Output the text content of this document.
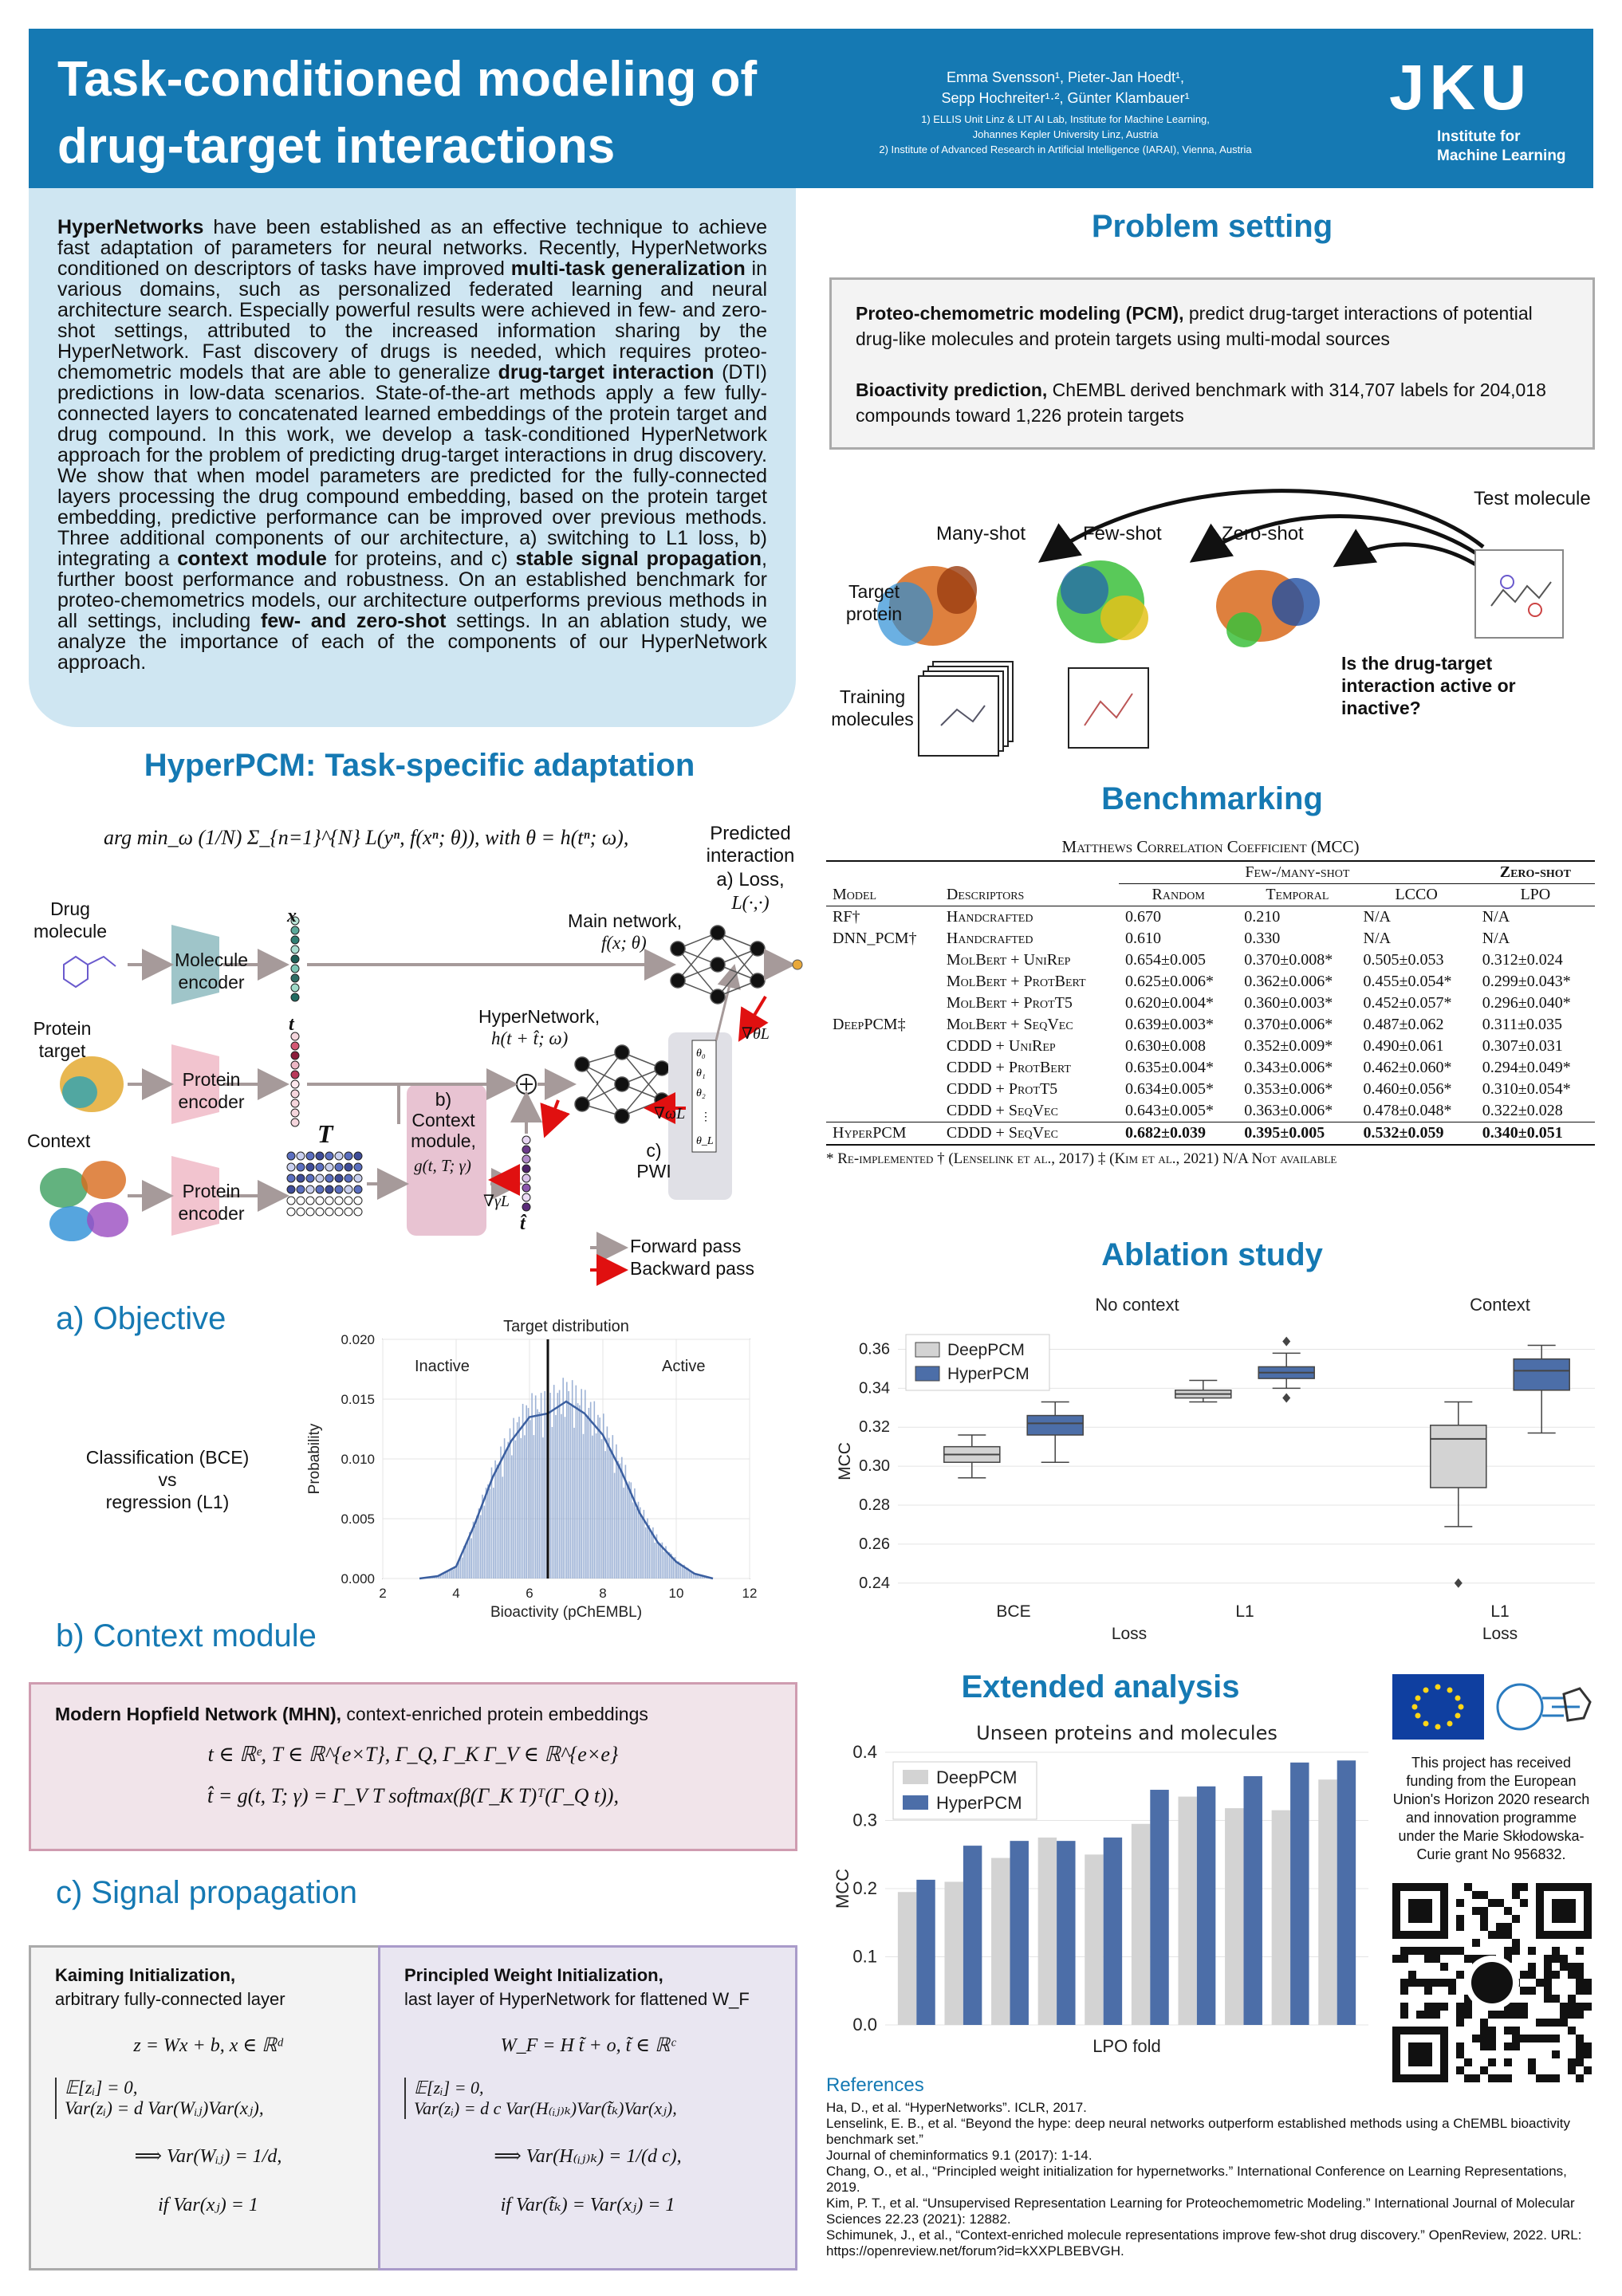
Task-conditioned modeling of
drug-target interactions
Emma Svensson¹, Pieter-Jan Hoedt¹,
Sepp Hochreiter¹·², Günter Klambauer¹
1) ELLIS Unit Linz & LIT AI Lab, Institute for Machine Learning,
Johannes Kepler University Linz, Austria
2) Institute of Advanced Research in Artificial Intelligence (IARAI), Vienna, Austria
JKU
Institute for
Machine Learning
HyperNetworks have been established as an effective technique to achieve fast adaptation of parameters for neural networks. Recently, HyperNetworks conditioned on descriptors of tasks have improved multi-task generalization in various domains, such as personalized federated learning and neural architecture search. Especially powerful results were achieved in few- and zero-shot settings, attributed to the increased information sharing by the HyperNetwork. Fast discovery of drugs is needed, which requires proteo-chemometric models that are able to generalize drug-target interaction (DTI) predictions in low-data scenarios. State-of-the-art methods apply a few fully-connected layers to concatenated learned embeddings of the protein target and drug compound. In this work, we develop a task-conditioned HyperNetwork approach for the problem of predicting drug-target interactions in drug discovery. We show that when model parameters are predicted for the fully-connected layers processing the drug compound embedding, based on the protein target embedding, predictive performance can be improved over previous methods. Three additional components of our architecture, a) switching to L1 loss, b) integrating a context module for proteins, and c) stable signal propagation, further boost performance and robustness. On an established benchmark for proteo-chemometrics models, our architecture outperforms previous methods in all settings, including few- and zero-shot settings. In an ablation study, we analyze the importance of each of the components of our HyperNetwork approach.
Problem setting
Proteo-chemometric modeling (PCM), predict drug-target interactions of potential drug-like molecules and protein targets using multi-modal sources
Bioactivity prediction, ChEMBL derived benchmark with 314,707 labels for 204,018 compounds toward 1,226 protein targets
Test molecule
Many-shot	Few-shot	Zero-shot
Target protein
Training molecules
Is the drug-target interaction active or inactive?
HyperPCM: Task-specific adaptation
arg min_ω (1/N) Σ_{n=1}^{N} L(yⁿ, f(xⁿ; θ)), with θ = h(tⁿ; ω),	Predicted interaction
a) Loss,
L(·,·)
θ₀
θ₁
θ₂
⋮
θ_L
Drug molecule
Protein target
Context
Molecule encoder
Protein encoder
Protein encoder
x
t
T
t̂
Main network,
f(x; θ)
HyperNetwork,
h(t + t̂; ω)
b) Context module,
g(t, T; γ)
c) PWI
∇θL
∇ωL
∇γL
Forward pass
Backward pass
a) Objective
Classification (BCE)
vs
regression (L1)
0.000
0.005
0.010
0.015
0.020
2	4	6	8	10	12
Target distribution
Inactive	Active
Bioactivity (pChEMBL)
Probability
b) Context module
Modern Hopfield Network (MHN), context-enriched protein embeddings
t ∈ ℝᵉ, T ∈ ℝ^{e×T}, Γ_Q, Γ_K Γ_V ∈ ℝ^{e×e}
t̂ = g(t, T; γ) = Γ_V T softmax(β(Γ_K T)ᵀ(Γ_Q t)),
c) Signal propagation
Kaiming Initialization,
arbitrary fully-connected layer
z = Wx + b, x ∈ ℝᵈ
𝔼[zᵢ] = 0,
Var(zᵢ) = d Var(Wᵢⱼ)Var(xⱼ),
⟹ Var(Wᵢⱼ) = 1/d,
if Var(xⱼ) = 1
Principled Weight Initialization,
last layer of HyperNetwork for flattened W_F
W_F = H t̃ + o, t̃ ∈ ℝᶜ
𝔼[zᵢ] = 0,
Var(zᵢ) = d c Var(H₍ᵢⱼ₎ₖ)Var(t̃ₖ)Var(xⱼ),
⟹ Var(H₍ᵢⱼ₎ₖ) = 1/(d c),
if Var(t̃ₖ) = Var(xⱼ) = 1
Benchmarking
Matthews Correlation Coefficient (MCC)
		Few-/many-shot			Zero-shot
Model	Descriptors	Random	Temporal	LCCO	LPO
RF†	Handcrafted	0.670	0.210	N/A	N/A
DNN_PCM†	Handcrafted	0.610	0.330	N/A	N/A
	MolBert + UniRep	0.654±0.005	0.370±0.008*	0.505±0.053	0.312±0.024
	MolBert + ProtBert	0.625±0.006*	0.362±0.006*	0.455±0.054*	0.299±0.043*
	MolBert + ProtT5	0.620±0.004*	0.360±0.003*	0.452±0.057*	0.296±0.040*
DeepPCM‡	MolBert + SeqVec	0.639±0.003*	0.370±0.006*	0.487±0.062	0.311±0.035
	CDDD + UniRep	0.630±0.008	0.352±0.009*	0.490±0.061	0.307±0.031
	CDDD + ProtBert	0.635±0.004*	0.343±0.006*	0.462±0.060*	0.294±0.049*
	CDDD + ProtT5	0.634±0.005*	0.353±0.006*	0.460±0.056*	0.310±0.054*
	CDDD + SeqVec	0.643±0.005*	0.363±0.006*	0.478±0.048*	0.322±0.028
HyperPCM	CDDD + SeqVec	0.682±0.039	0.395±0.005	0.532±0.059	0.340±0.051
* Re-implemented † (Lenselink et al., 2017) ‡ (Kim et al., 2021) N/A Not available
Ablation study
0.24
0.26
0.28
0.30
0.32
0.34
0.36
BCE	L1	L1
Loss	Loss
No context	Context
MCC
DeepPCM
HyperPCM
Extended analysis
0.0
0.1
0.2
0.3
0.4
Unseen proteins and molecules
LPO fold
MCC
DeepPCM
HyperPCM
This project has received funding from the European Union's Horizon 2020 research and innovation programme under the Marie Skłodowska-Curie grant No 956832.
References
Ha, D., et al. “HyperNetworks”. ICLR, 2017.
Lenselink, E. B., et al. “Beyond the hype: deep neural networks outperform established methods using a ChEMBL bioactivity benchmark set.”
Journal of cheminformatics 9.1 (2017): 1-14.
Chang, O., et al., “Principled weight initialization for hypernetworks.” International Conference on Learning Representations, 2019.
Kim, P. T., et al. “Unsupervised Representation Learning for Proteochemometric Modeling.” International Journal of Molecular Sciences 22.23 (2021): 12882.
Schimunek, J., et al., “Context-enriched molecule representations improve few-shot drug discovery.” OpenReview, 2022. URL: https://openreview.net/forum?id=kXXPLBEBVGH.
